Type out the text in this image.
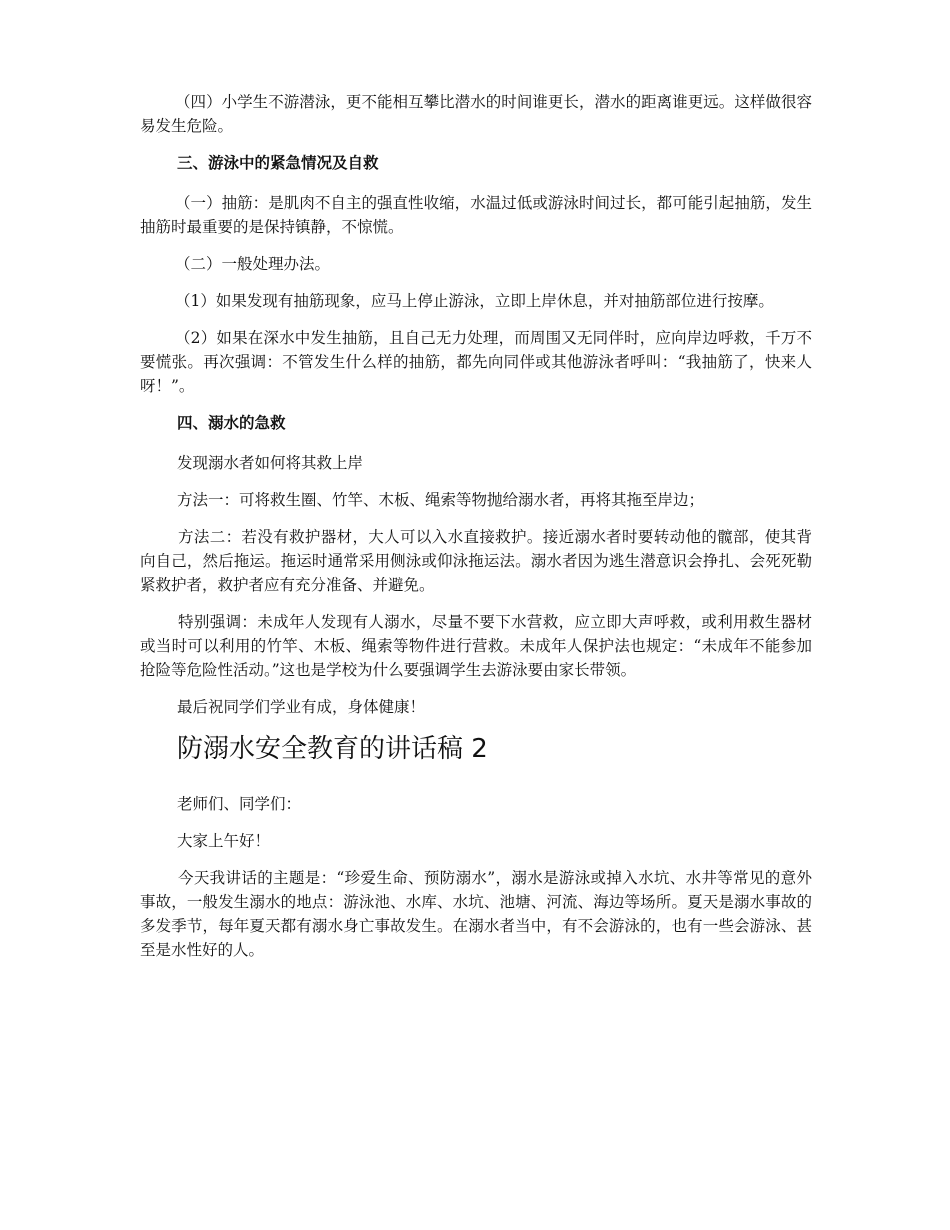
（四）小学生不游潜泳，更不能相互攀比潜水的时间谁更长，潜水的距离谁更远。这样做很容易发生危险。

三、游泳中的紧急情况及自救

（一）抽筋：是肌肉不自主的强直性收缩，水温过低或游泳时间过长，都可能引起抽筋，发生抽筋时最重要的是保持镇静，不惊慌。

（二）一般处理办法。

（1）如果发现有抽筋现象，应马上停止游泳，立即上岸休息，并对抽筋部位进行按摩。

（2）如果在深水中发生抽筋，且自己无力处理，而周围又无同伴时，应向岸边呼救，千万不要慌张。再次强调：不管发生什么样的抽筋，都先向同伴或其他游泳者呼叫：“我抽筋了，快来人呀！”。

四、溺水的急救

发现溺水者如何将其救上岸

方法一：可将救生圈、竹竿、木板、绳索等物抛给溺水者，再将其拖至岸边；

方法二：若没有救护器材，大人可以入水直接救护。接近溺水者时要转动他的髋部，使其背向自己，然后拖运。拖运时通常采用侧泳或仰泳拖运法。溺水者因为逃生潜意识会挣扎、会死死勒紧救护者，救护者应有充分准备、并避免。

特别强调：未成年人发现有人溺水，尽量不要下水营救，应立即大声呼救，或利用救生器材或当时可以利用的竹竿、木板、绳索等物件进行营救。未成年人保护法也规定：“未成年不能参加抢险等危险性活动。”这也是学校为什么要强调学生去游泳要由家长带领。

最后祝同学们学业有成，身体健康！

防溺水安全教育的讲话稿 2

老师们、同学们：

大家上午好！

今天我讲话的主题是：“珍爱生命、预防溺水”，溺水是游泳或掉入水坑、水井等常见的意外事故，一般发生溺水的地点：游泳池、水库、水坑、池塘、河流、海边等场所。夏天是溺水事故的多发季节，每年夏天都有溺水身亡事故发生。在溺水者当中，有不会游泳的，也有一些会游泳、甚至是水性好的人。
